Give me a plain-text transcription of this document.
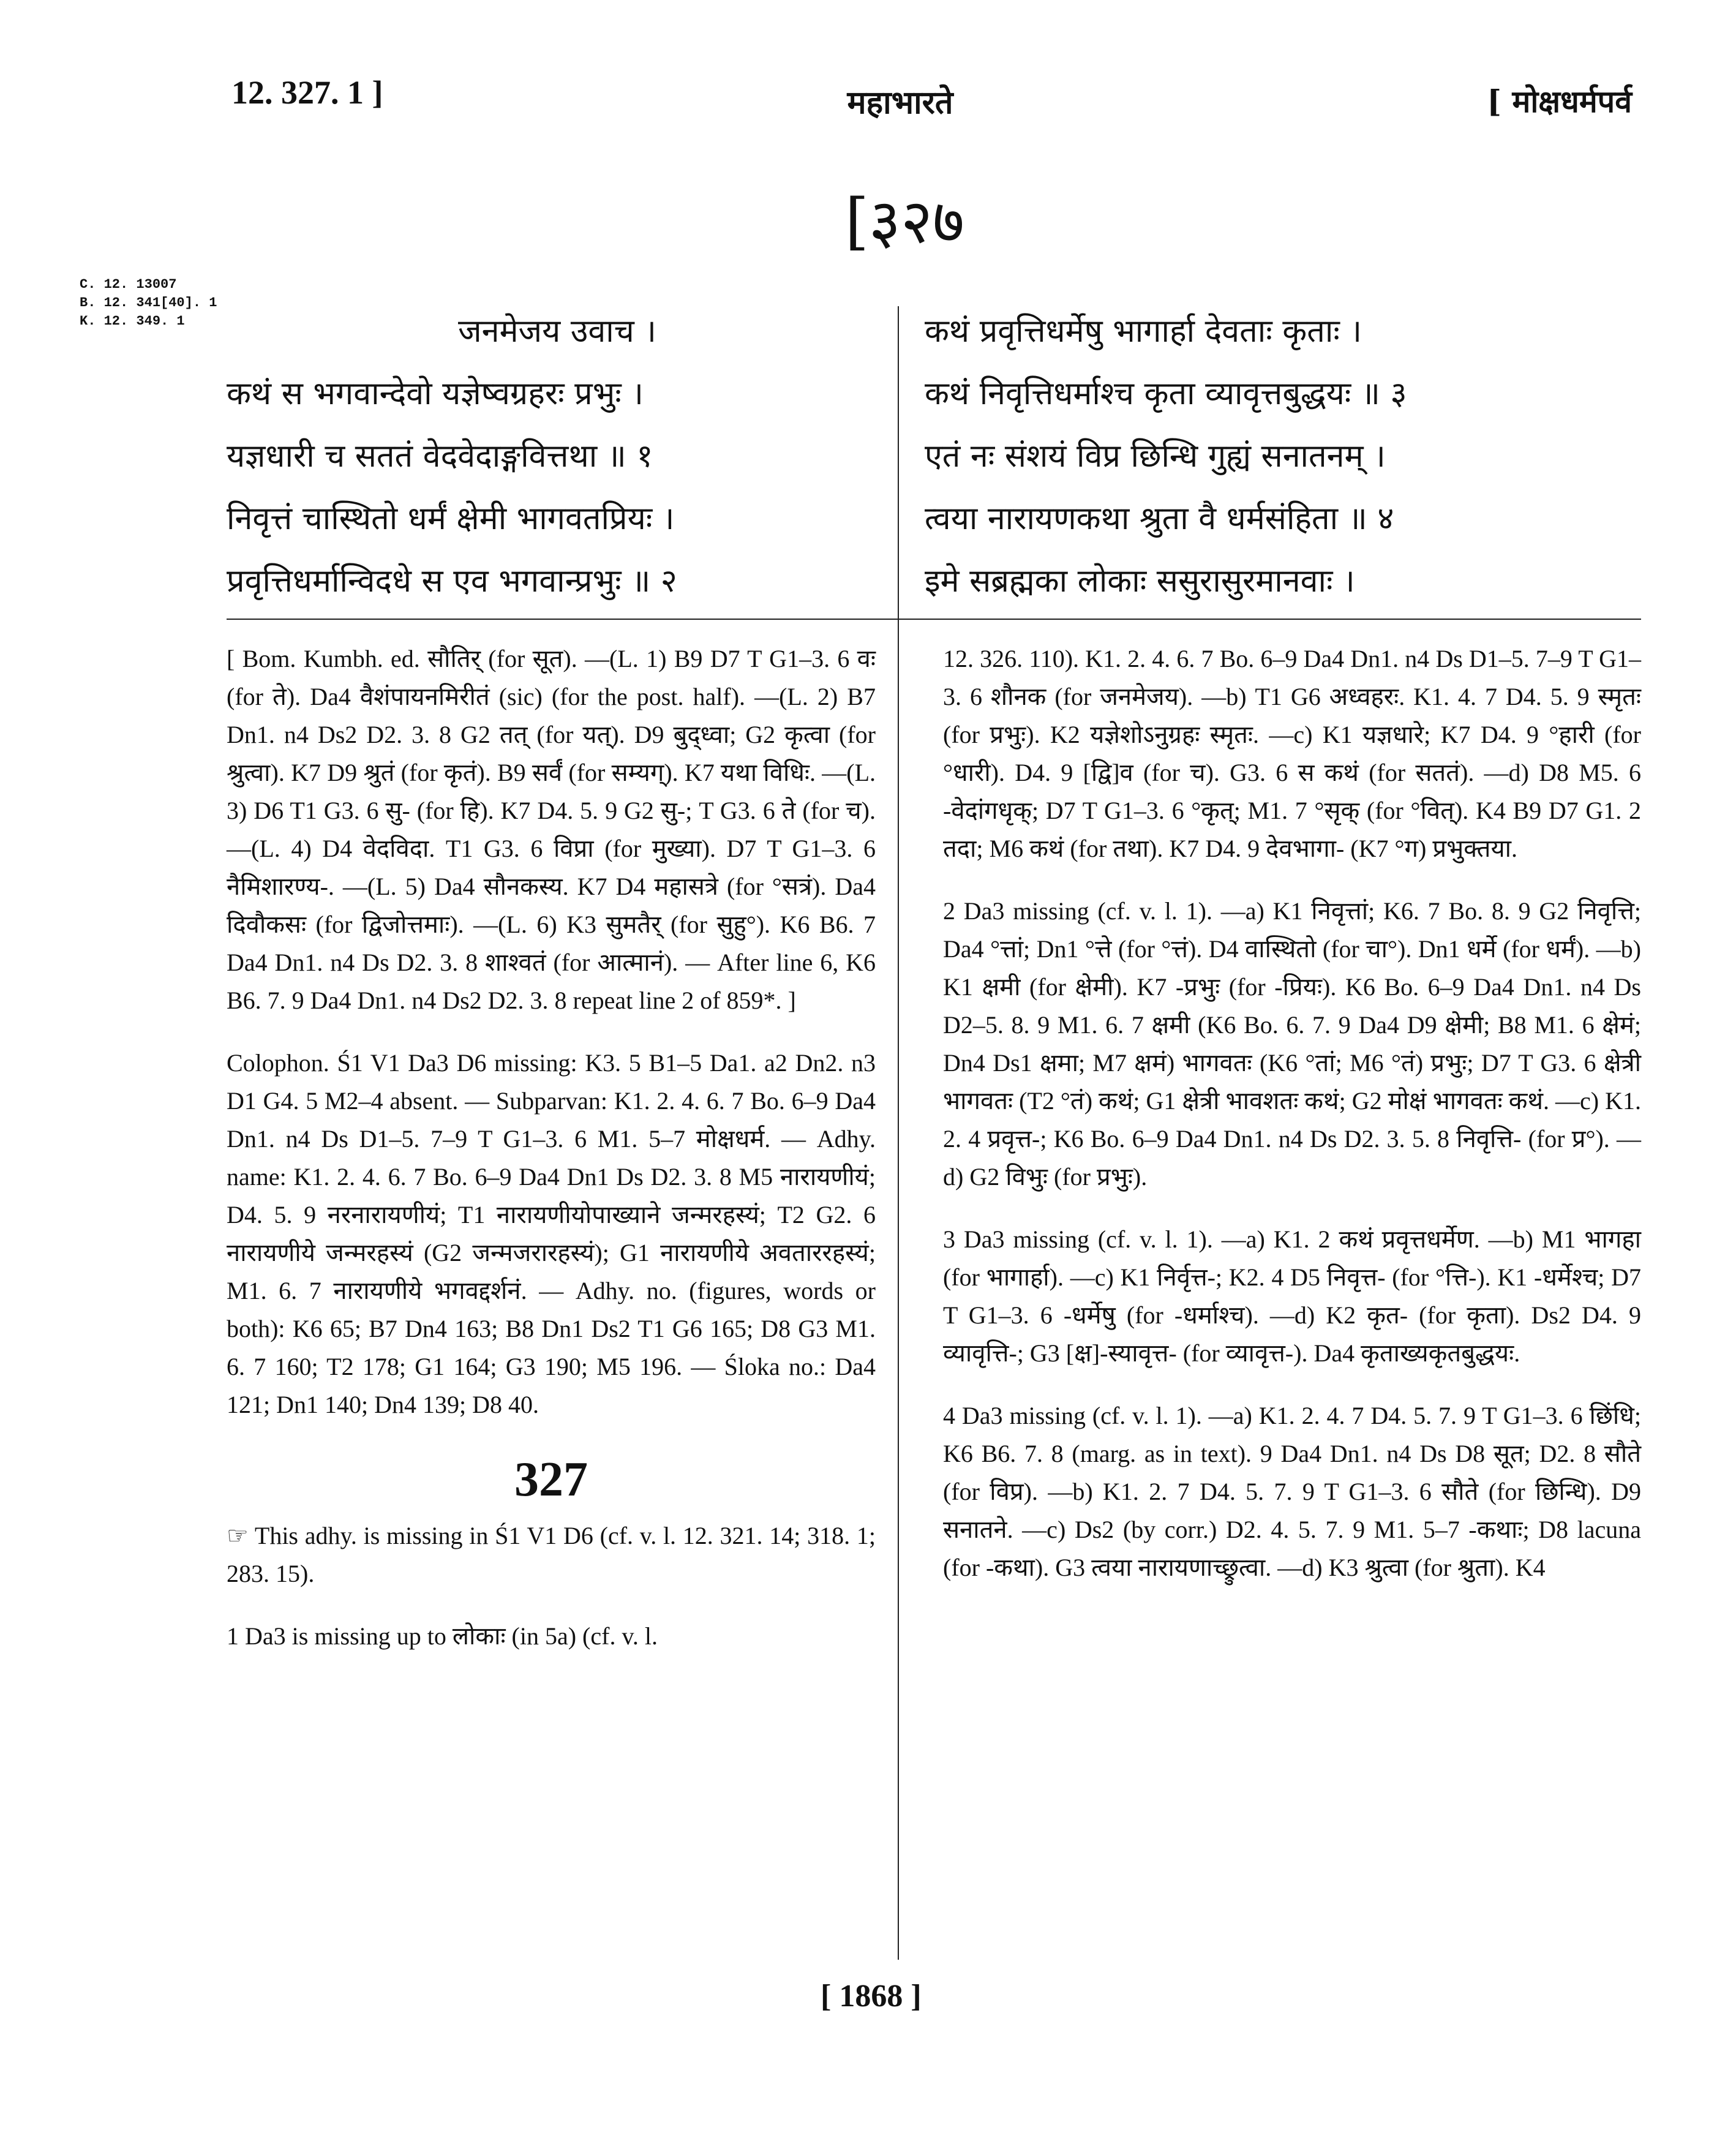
12. 327. 1 ]	महाभारते	[ मोक्षधर्मपर्व
[३२७
C. 12. 13007
B. 12. 341[40]. 1
K. 12. 349. 1	जनमेजय उवाच ।
कथं स भगवान्देवो यज्ञेष्वग्रहरः प्रभुः ।
यज्ञधारी च सततं वेदवेदाङ्गवित्तथा ॥ १
निवृत्तं चास्थितो धर्मं क्षेमी भागवतप्रियः ।
प्रवृत्तिधर्मान्विदधे स एव भगवान्प्रभुः ॥ २
कथं प्रवृत्तिधर्मेषु भागार्हा देवताः कृताः ।
कथं निवृत्तिधर्माश्च कृता व्यावृत्तबुद्धयः ॥ ३
एतं नः संशयं विप्र छिन्धि गुह्यं सनातनम् ।
त्वया नारायणकथा श्रुता वै धर्मसंहिता ॥ ४
इमे सब्रह्मका लोकाः ससुरासुरमानवाः ।

[ Bom. Kumbh. ed. सौतिर् (for सूत). —(L. 1) B9 D7 T G1–3. 6 वः (for ते). Da4 वैशंपायनमिरीतं (sic) (for the post. half). —(L. 2) B7 Dn1. n4 Ds2 D2. 3. 8 G2 तत् (for यत्). D9 बुद्ध्वा; G2 कृत्वा (for श्रुत्वा). K7 D9 श्रुतं (for कृतं). B9 सर्वं (for सम्यग्). K7 यथा विधिः. —(L. 3) D6 T1 G3. 6 सु- (for हि). K7 D4. 5. 9 G2 सु-; T G3. 6 ते (for च). —(L. 4) D4 वेदविदा. T1 G3. 6 विप्रा (for मुख्या). D7 T G1–3. 6 नैमिशारण्य-. —(L. 5) Da4 सौनकस्य. K7 D4 महासत्रे (for °सत्रं). Da4 दिवौकसः (for द्विजोत्तमाः). —(L. 6) K3 सुमतैर् (for सुहु°). K6 B6. 7 Da4 Dn1. n4 Ds D2. 3. 8 शाश्वतं (for आत्मानं). — After line 6, K6 B6. 7. 9 Da4 Dn1. n4 Ds2 D2. 3. 8 repeat line 2 of 859*. ]

Colophon. Ś1 V1 Da3 D6 missing: K3. 5 B1–5 Da1. a2 Dn2. n3 D1 G4. 5 M2–4 absent. — Subparvan: K1. 2. 4. 6. 7 Bo. 6–9 Da4 Dn1. n4 Ds D1–5. 7–9 T G1–3. 6 M1. 5–7 मोक्षधर्म. — Adhy. name: K1. 2. 4. 6. 7 Bo. 6–9 Da4 Dn1 Ds D2. 3. 8 M5 नारायणीयं; D4. 5. 9 नरनारायणीयं; T1 नारायणीयोपाख्याने जन्मरहस्यं; T2 G2. 6 नारायणीये जन्मरहस्यं (G2 जन्मजरारहस्यं); G1 नारायणीये अवताररहस्यं; M1. 6. 7 नारायणीये भगवद्दर्शनं. — Adhy. no. (figures, words or both): K6 65; B7 Dn4 163; B8 Dn1 Ds2 T1 G6 165; D8 G3 M1. 6. 7 160; T2 178; G1 164; G3 190; M5 196. — Śloka no.: Da4 121; Dn1 140; Dn4 139; D8 40.

327

☞ This adhy. is missing in Ś1 V1 D6 (cf. v. l. 12. 321. 14; 318. 1; 283. 15).

1 Da3 is missing up to लोकाः (in 5a) (cf. v. l.

12. 326. 110). K1. 2. 4. 6. 7 Bo. 6–9 Da4 Dn1. n4 Ds D1–5. 7–9 T G1–3. 6 शौनक (for जनमेजय). —b) T1 G6 अध्वहरः. K1. 4. 7 D4. 5. 9 स्मृतः (for प्रभुः). K2 यज्ञेशोऽनुग्रहः स्मृतः. —c) K1 यज्ञधारे; K7 D4. 9 °हारी (for °धारी). D4. 9 [द्वि]व (for च). G3. 6 स कथं (for सततं). —d) D8 M5. 6 -वेदांगधृक्; D7 T G1–3. 6 °कृत्; M1. 7 °सृक् (for °वित्). K4 B9 D7 G1. 2 तदा; M6 कथं (for तथा). K7 D4. 9 देवभागा- (K7 °ग) प्रभुक्तया.

2 Da3 missing (cf. v. l. 1). —a) K1 निवृत्तां; K6. 7 Bo. 8. 9 G2 निवृत्ति; Da4 °त्तां; Dn1 °त्ते (for °त्तं). D4 वास्थितो (for चा°). Dn1 धर्मे (for धर्मं). —b) K1 क्षमी (for क्षेमी). K7 -प्रभुः (for -प्रियः). K6 Bo. 6–9 Da4 Dn1. n4 Ds D2–5. 8. 9 M1. 6. 7 क्षमी (K6 Bo. 6. 7. 9 Da4 D9 क्षेमी; B8 M1. 6 क्षेमं; Dn4 Ds1 क्षमा; M7 क्षमं) भागवतः (K6 °तां; M6 °तं) प्रभुः; D7 T G3. 6 क्षेत्री भागवतः (T2 °तं) कथं; G1 क्षेत्री भावशतः कथं; G2 मोक्षं भागवतः कथं. —c) K1. 2. 4 प्रवृत्त-; K6 Bo. 6–9 Da4 Dn1. n4 Ds D2. 3. 5. 8 निवृत्ति- (for प्र°). —d) G2 विभुः (for प्रभुः).

3 Da3 missing (cf. v. l. 1). —a) K1. 2 कथं प्रवृत्तधर्मेण. —b) M1 भागहा (for भागार्हा). —c) K1 निर्वृत्त-; K2. 4 D5 निवृत्त- (for °त्ति-). K1 -धर्मेश्च; D7 T G1–3. 6 -धर्मेषु (for -धर्माश्च). —d) K2 कृत- (for कृता). Ds2 D4. 9 व्यावृत्ति-; G3 [क्ष]-स्यावृत्त- (for व्यावृत्त-). Da4 कृताख्यकृतबुद्धयः.

4 Da3 missing (cf. v. l. 1). —a) K1. 2. 4. 7 D4. 5. 7. 9 T G1–3. 6 छिंधि; K6 B6. 7. 8 (marg. as in text). 9 Da4 Dn1. n4 Ds D8 सूत; D2. 8 सौते (for विप्र). —b) K1. 2. 7 D4. 5. 7. 9 T G1–3. 6 सौते (for छिन्धि). D9 सनातने. —c) Ds2 (by corr.) D2. 4. 5. 7. 9 M1. 5–7 -कथाः; D8 lacuna (for -कथा). G3 त्वया नारायणाच्छ्रुत्वा. —d) K3 श्रुत्वा (for श्रुता). K4

[ 1868 ]
